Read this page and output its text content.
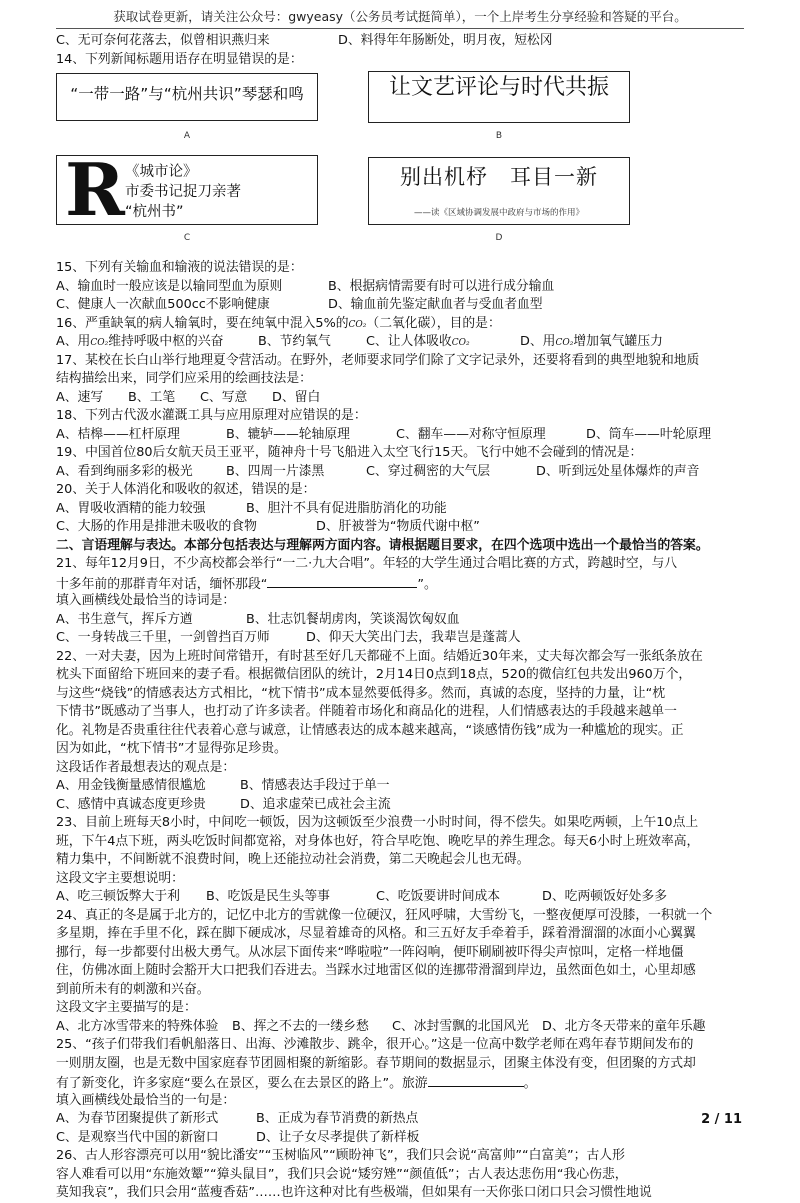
获取试卷更新，请关注公众号：gwyeasy（公务员考试挺简单），一个上岸考生分享经验和答疑的平台。
C、无可奈何花落去，似曾相识燕归来	D、料得年年肠断处，明月夜，短松冈
14、下列新闻标题用语存在明显错误的是：
“一带一路”与“杭州共识”琴瑟和鸣
A
让文艺评论与时代共振
B
R 《城市论》
市委书记捉刀亲著
“杭州书”
C
别出机杼　耳目一新
——读《区域协调发展中政府与市场的作用》
D
15、下列有关输血和输液的说法错误的是：
A、输血时一般应该是以输同型血为原则	B、根据病情需要有时可以进行成分输血
C、健康人一次献血500cc不影响健康	D、输血前先鉴定献血者与受血者血型
16、严重缺氧的病人输氧时，要在纯氧中混入5%的CO₂（二氧化碳），目的是：
A、用CO₂维持呼吸中枢的兴奋	B、节约氧气	C、让人体吸收CO₂	D、用CO₂增加氧气罐压力
17、某校在长白山举行地理夏令营活动。在野外，老师要求同学们除了文字记录外，还要将看到的典型地貌和地质
结构描绘出来，同学们应采用的绘画技法是：
A、速写	B、工笔	C、写意	D、留白
18、下列古代汲水灌溉工具与应用原理对应错误的是：
A、桔槔——杠杆原理	B、辘轳——轮轴原理	C、翻车——对称守恒原理	D、筒车——叶轮原理
19、中国首位80后女航天员王亚平，随神舟十号飞船进入太空飞行15天。飞行中她不会碰到的情况是：
A、看到绚丽多彩的极光	B、四周一片漆黑	C、穿过稠密的大气层	D、听到远处星体爆炸的声音
20、关于人体消化和吸收的叙述，错误的是：
A、胃吸收酒精的能力较强	B、胆汁不具有促进脂肪消化的功能
C、大肠的作用是排泄未吸收的食物	D、肝被誉为“物质代谢中枢”
二、言语理解与表达。本部分包括表达与理解两方面内容。请根据题目要求，在四个选项中选出一个最恰当的答案。
21、每年12月9日，不少高校都会举行“一二·九大合唱”。年轻的大学生通过合唱比赛的方式，跨越时空，与八
十多年前的那群青年对话，缅怀那段“	”。
填入画横线处最恰当的诗词是：
A、书生意气，挥斥方遒	B、壮志饥餐胡虏肉，笑谈渴饮匈奴血
C、一身转战三千里，一剑曾挡百万师	D、仰天大笑出门去，我辈岂是蓬蒿人
22、一对夫妻，因为上班时间常错开，有时甚至好几天都碰不上面。结婚近30年来，丈夫每次都会写一张纸条放在
枕头下面留给下班回来的妻子看。根据微信团队的统计，2月14日0点到18点，520的微信红包共发出960万个，
与这些“烧钱”的情感表达方式相比，“枕下情书”成本显然要低得多。然而，真诚的态度，坚持的力量，让“枕
下情书”既感动了当事人，也打动了许多读者。伴随着市场化和商品化的进程，人们情感表达的手段越来越单一
化。礼物是否贵重往往代表着心意与诚意，让情感表达的成本越来越高，“谈感情伤钱”成为一种尴尬的现实。正
因为如此，“枕下情书”才显得弥足珍贵。
这段话作者最想表达的观点是：
A、用金钱衡量感情很尴尬	B、情感表达手段过于单一
C、感情中真诚态度更珍贵	D、追求虚荣已成社会主流
23、目前上班每天8小时，中间吃一顿饭，因为这顿饭至少浪费一小时时间，得不偿失。如果吃两顿，上午10点上
班，下午4点下班，两头吃饭时间都宽裕，对身体也好，符合早吃饱、晚吃早的养生理念。每天6小时上班效率高，
精力集中，不间断就不浪费时间，晚上还能拉动社会消费，第二天晚起会儿也无碍。
这段文字主要想说明：
A、吃三顿饭弊大于利	B、吃饭是民生头等事	C、吃饭要讲时间成本	D、吃两顿饭好处多多
24、真正的冬是属于北方的，记忆中北方的雪就像一位硬汉，狂风呼啸，大雪纷飞，一整夜便厚可没膝，一积就一个
多星期，捧在手里不化，踩在脚下硬成冰，尽显着雄奇的风格。和三五好友手牵着手，踩着滑溜溜的冰面小心翼翼
挪行，每一步都要付出极大勇气。从冰层下面传来“哗啦啦”一阵闷响，便吓刷刷被吓得尖声惊叫，定格一样地僵
住，仿佛冰面上随时会豁开大口把我们吞进去。当踩水过地雷区似的连挪带滑溜到岸边，虽然面色如土，心里却感
到前所未有的刺激和兴奋。
这段文字主要描写的是：
A、北方冰雪带来的特殊体验	B、挥之不去的一缕乡愁	C、冰封雪飘的北国风光	D、北方冬天带来的童年乐趣
25、“孩子们带我们看帆船落日、出海、沙滩散步、跳伞，很开心。”这是一位高中数学老师在鸡年春节期间发布的
一则朋友圈，也是无数中国家庭春节团圆相聚的新缩影。春节期间的数据显示，团聚主体没有变，但团聚的方式却
有了新变化，许多家庭“要么在景区，要么在去景区的路上”。旅游	。
填入画横线处最恰当的一句是：
A、为春节团聚提供了新形式	B、正成为春节消费的新热点
C、是观察当代中国的新窗口	D、让子女尽孝提供了新样板
26、古人形容漂亮可以用“貌比潘安”“玉树临风”“顾盼神飞”，我们只会说“高富帅”“白富美”；古人形
容人难看可以用“东施效颦”“獐头鼠目”，我们只会说“矮穷矬”“颜值低”；古人表达悲伤用“我心伤悲，
莫知我哀”，我们只会用“蓝瘦香菇”……也许这种对比有些极端，但如果有一天你张口闭口只会习惯性地说
2 / 11
